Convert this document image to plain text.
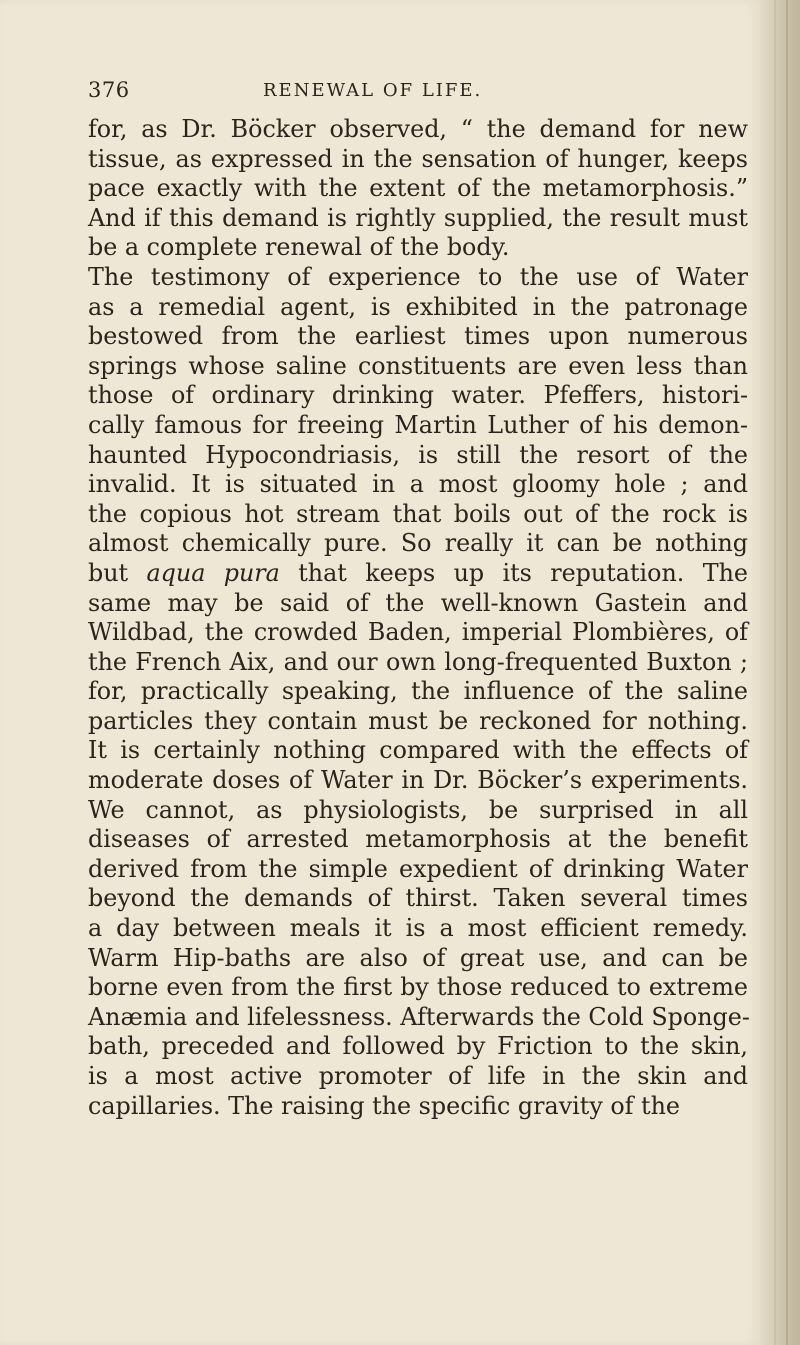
376	RENEWAL OF LIFE.
for, as Dr. Böcker observed, “ the demand for new
tissue, as expressed in the sensation of hunger, keeps
pace exactly with the extent of the metamorphosis.”
And if this demand is rightly supplied, the result must
be a complete renewal of the body.
The testimony of experience to the use of Water
as a remedial agent, is exhibited in the patronage
bestowed from the earliest times upon numerous
springs whose saline constituents are even less than
those of ordinary drinking water. Pfeffers, histori-
cally famous for freeing Martin Luther of his demon-
haunted Hypocondriasis, is still the resort of the
invalid. It is situated in a most gloomy hole ; and
the copious hot stream that boils out of the rock is
almost chemically pure. So really it can be nothing
but aqua pura that keeps up its reputation. The
same may be said of the well-known Gastein and
Wildbad, the crowded Baden, imperial Plombières, of
the French Aix, and our own long-frequented Buxton ;
for, practically speaking, the influence of the saline
particles they contain must be reckoned for nothing.
It is certainly nothing compared with the effects of
moderate doses of Water in Dr. Böcker’s experiments.
We cannot, as physiologists, be surprised in all
diseases of arrested metamorphosis at the benefit
derived from the simple expedient of drinking Water
beyond the demands of thirst. Taken several times
a day between meals it is a most efficient remedy.
Warm Hip-baths are also of great use, and can be
borne even from the first by those reduced to extreme
Anæmia and lifelessness. Afterwards the Cold Sponge-
bath, preceded and followed by Friction to the skin,
is a most active promoter of life in the skin and
capillaries. The raising the specific gravity of the
